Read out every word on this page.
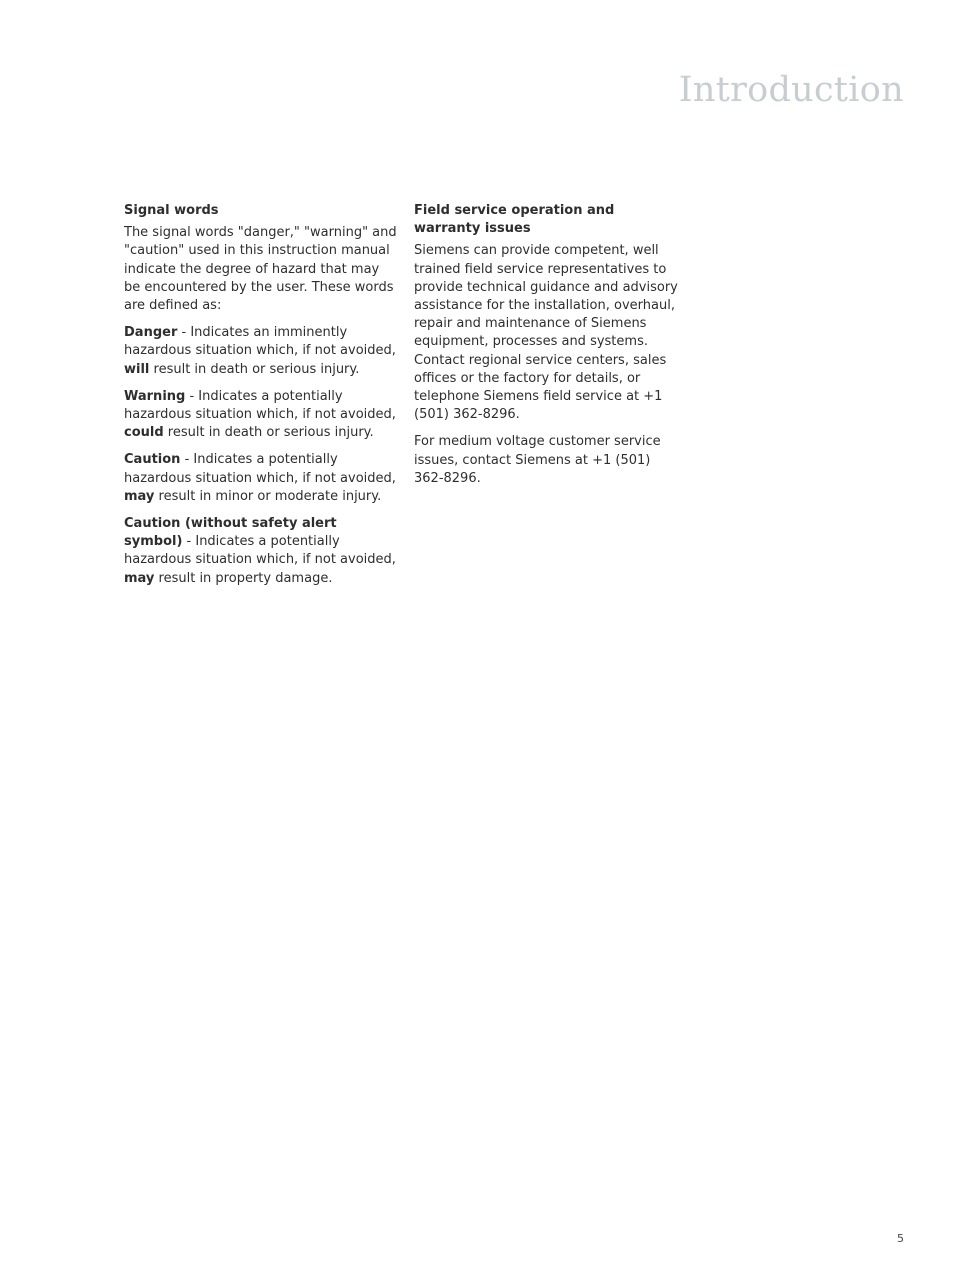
Introduction
Signal words

The signal words "danger," "warning" and "caution" used in this instruction manual indicate the degree of hazard that may be encountered by the user. These words are defined as:

Danger - Indicates an imminently hazardous situation which, if not avoided, will result in death or serious injury.

Warning - Indicates a potentially hazardous situation which, if not avoided, could result in death or serious injury.

Caution - Indicates a potentially hazardous situation which, if not avoided, may result in minor or moderate injury.

Caution (without safety alert symbol) - Indicates a potentially hazardous situation which, if not avoided, may result in property damage.

Field service operation and warranty issues

Siemens can provide competent, well trained field service representatives to provide technical guidance and advisory assistance for the installation, overhaul, repair and maintenance of Siemens equipment, processes and systems. Contact regional service centers, sales offices or the factory for details, or telephone Siemens field service at +1 (501) 362-8296.

For medium voltage customer service issues, contact Siemens at +1 (501) 362-8296.

5
